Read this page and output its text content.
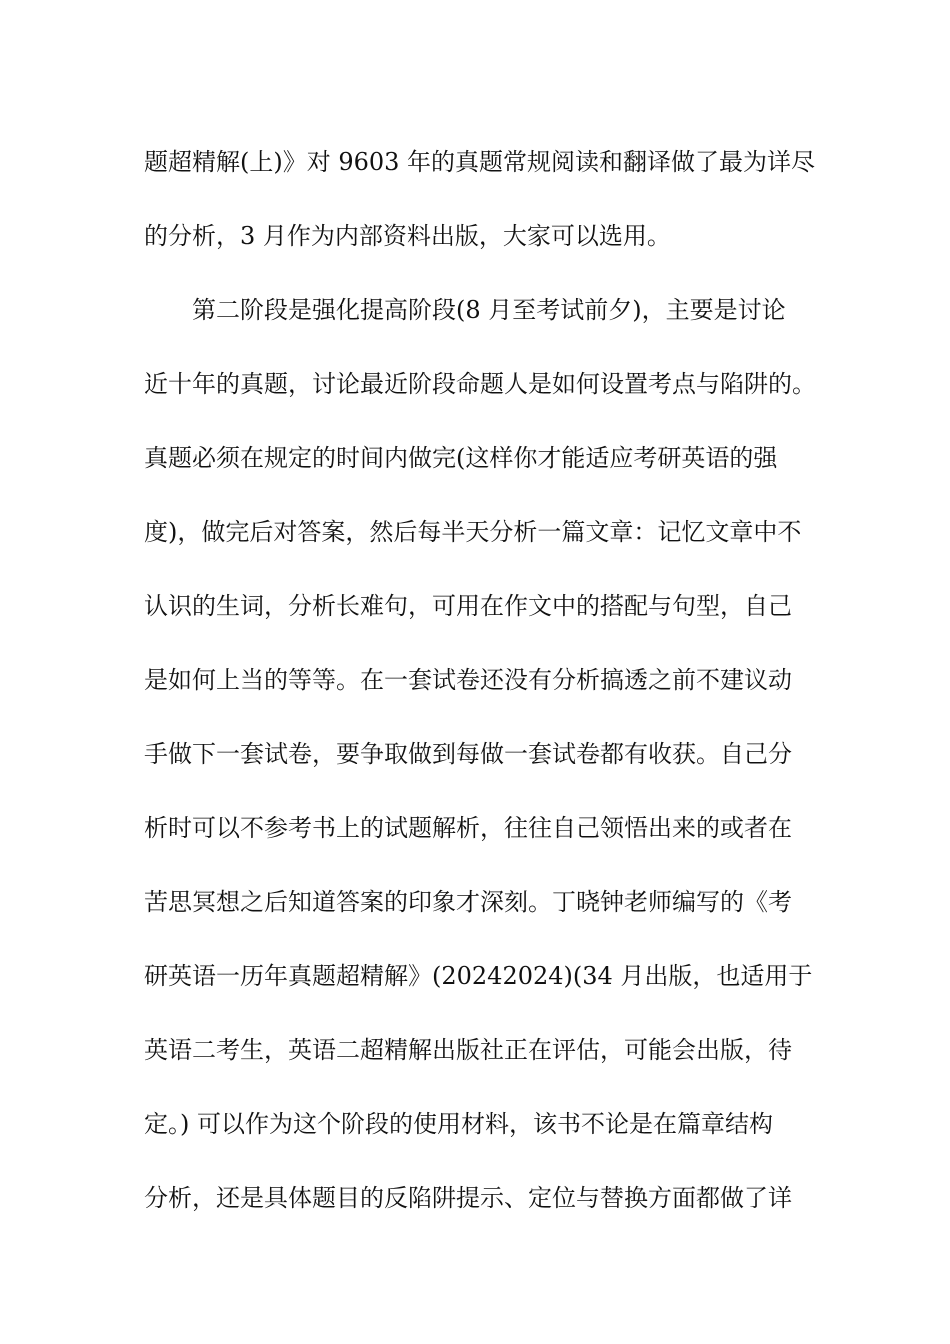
题超精解(上)》对 9603 年的真题常规阅读和翻译做了最为详尽
的分析，3 月作为内部资料出版，大家可以选用。
第二阶段是强化提高阶段(8 月至考试前夕)，主要是讨论
近十年的真题，讨论最近阶段命题人是如何设置考点与陷阱的。
真题必须在规定的时间内做完(这样你才能适应考研英语的强
度)，做完后对答案，然后每半天分析一篇文章：记忆文章中不
认识的生词，分析长难句，可用在作文中的搭配与句型，自己
是如何上当的等等。在一套试卷还没有分析搞透之前不建议动
手做下一套试卷，要争取做到每做一套试卷都有收获。自己分
析时可以不参考书上的试题解析，往往自己领悟出来的或者在
苦思冥想之后知道答案的印象才深刻。丁晓钟老师编写的《考
研英语一历年真题超精解》(20242024)(34 月出版，也适用于
英语二考生，英语二超精解出版社正在评估，可能会出版，待
定。) 可以作为这个阶段的使用材料，该书不论是在篇章结构
分析，还是具体题目的反陷阱提示、定位与替换方面都做了详
